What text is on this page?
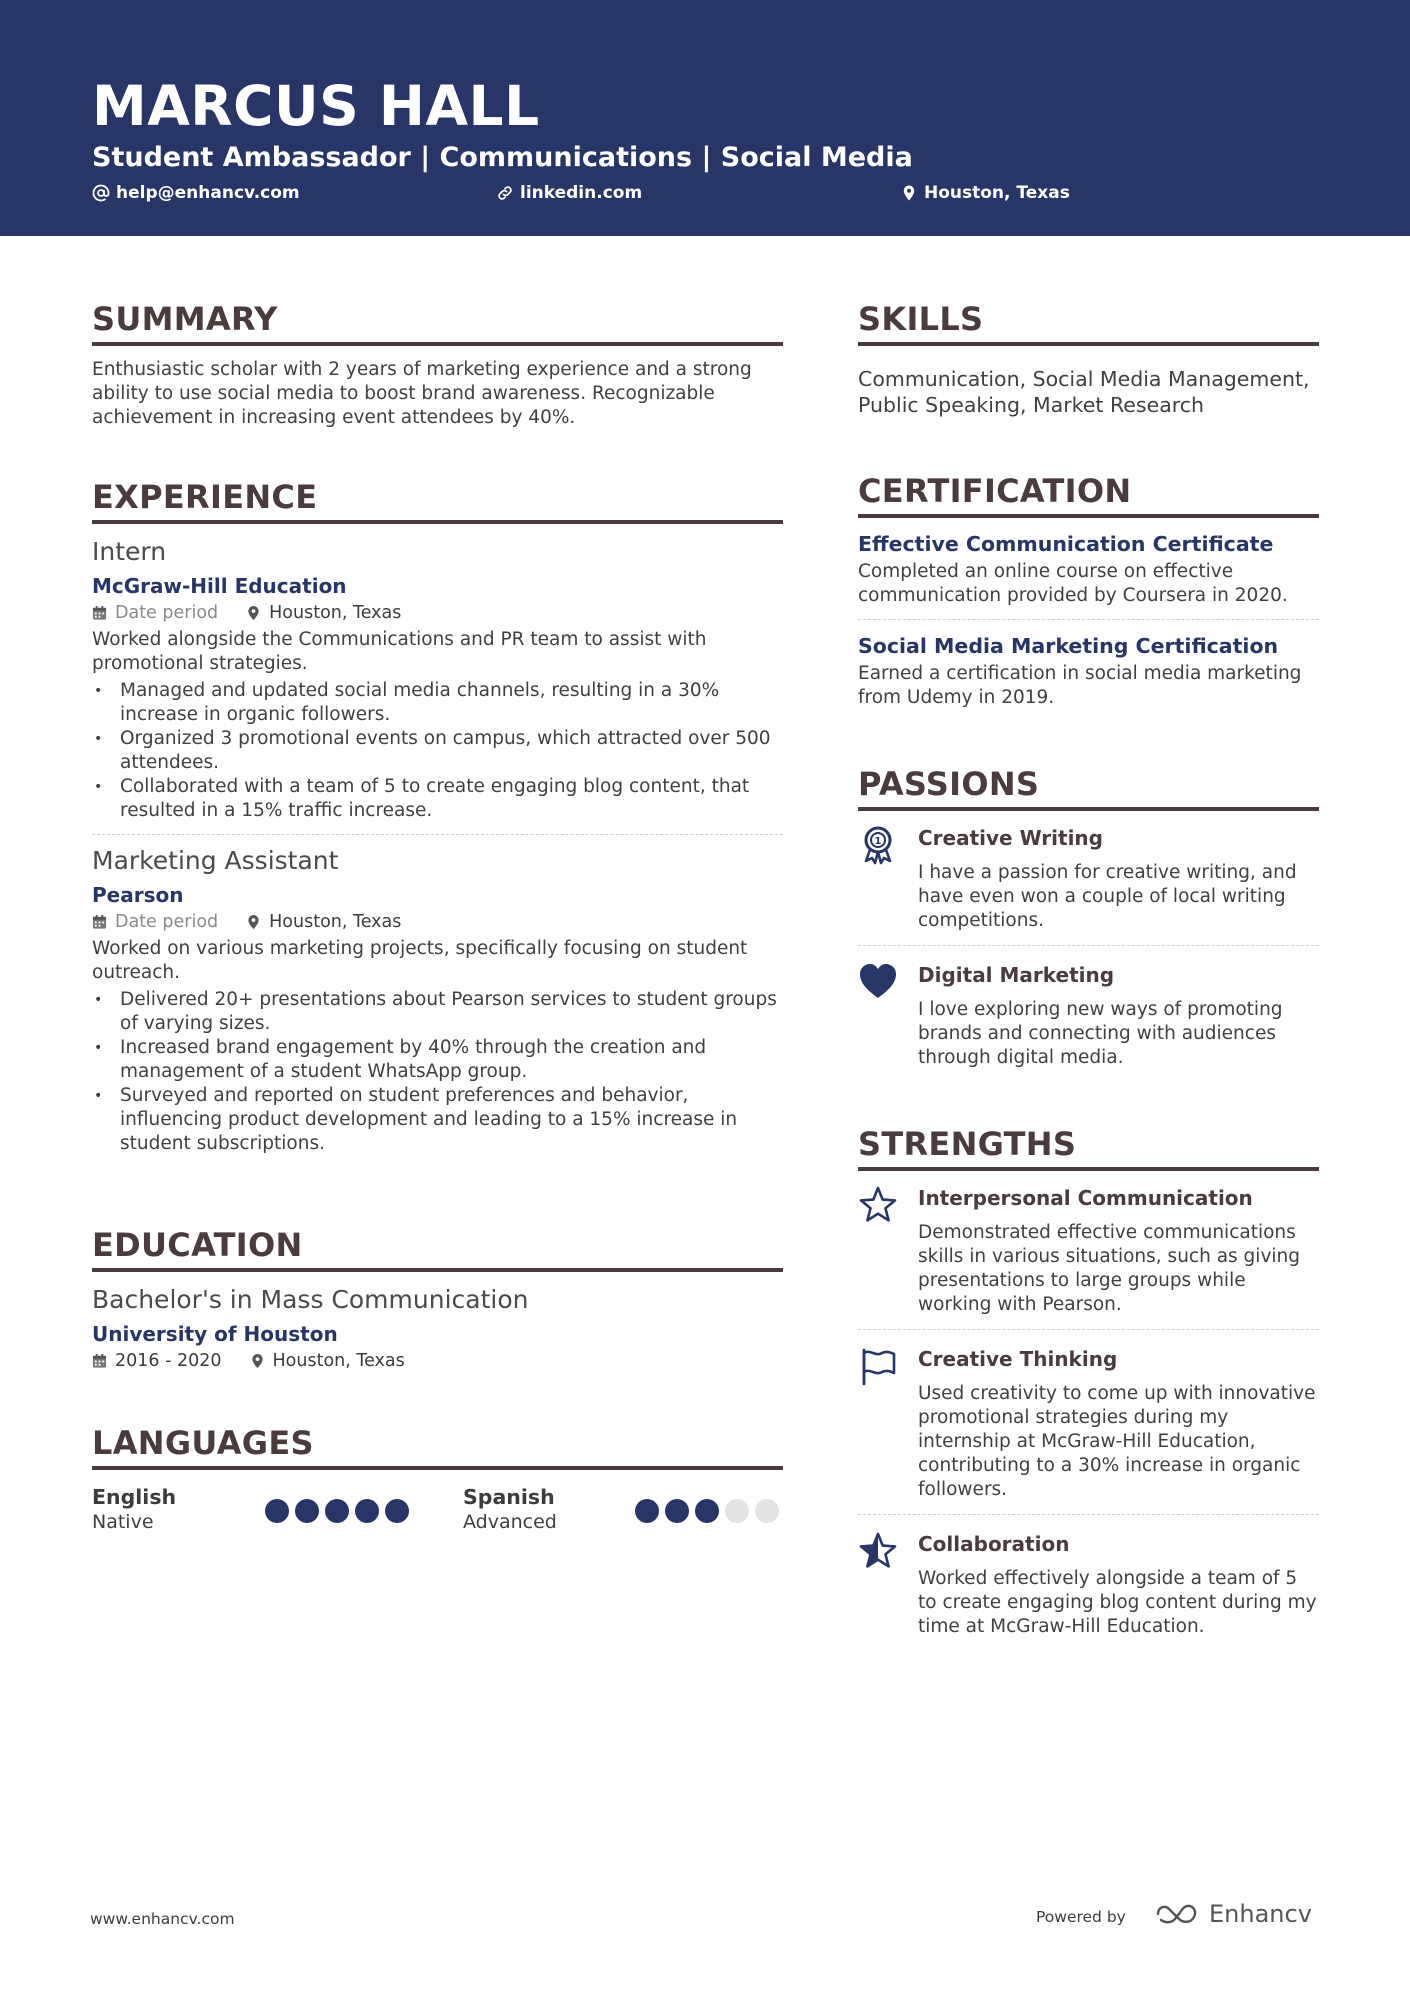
MARCUS HALL
Student Ambassador | Communications | Social Media
help@enhancv.com	linkedin.com	Houston, Texas
SUMMARY
Enthusiastic scholar with 2 years of marketing experience and a strong ability to use social media to boost brand awareness. Recognizable achievement in increasing event attendees by 40%.
EXPERIENCE
Intern
McGraw-Hill Education
Date period	Houston, Texas
Worked alongside the Communications and PR team to assist with promotional strategies.
• Managed and updated social media channels, resulting in a 30% increase in organic followers.
• Organized 3 promotional events on campus, which attracted over 500 attendees.
• Collaborated with a team of 5 to create engaging blog content, that resulted in a 15% traffic increase.
Marketing Assistant
Pearson
Date period	Houston, Texas
Worked on various marketing projects, specifically focusing on student outreach.
• Delivered 20+ presentations about Pearson services to student groups of varying sizes.
• Increased brand engagement by 40% through the creation and management of a student WhatsApp group.
• Surveyed and reported on student preferences and behavior, influencing product development and leading to a 15% increase in student subscriptions.
EDUCATION
Bachelor's in Mass Communication
University of Houston
2016 - 2020	Houston, Texas
LANGUAGES
English
Native
Spanish
Advanced
SKILLS
Communication, Social Media Management, Public Speaking, Market Research
CERTIFICATION
Effective Communication Certificate
Completed an online course on effective communication provided by Coursera in 2020.
Social Media Marketing Certification
Earned a certification in social media marketing from Udemy in 2019.
PASSIONS
1 Creative Writing
I have a passion for creative writing, and have even won a couple of local writing competitions.
Digital Marketing
I love exploring new ways of promoting brands and connecting with audiences through digital media.
STRENGTHS
Interpersonal Communication
Demonstrated effective communications skills in various situations, such as giving presentations to large groups while working with Pearson.
Creative Thinking
Used creativity to come up with innovative promotional strategies during my internship at McGraw-Hill Education, contributing to a 30% increase in organic followers.
Collaboration
Worked effectively alongside a team of 5 to create engaging blog content during my time at McGraw-Hill Education.
www.enhancv.com	Powered by	Enhancv
